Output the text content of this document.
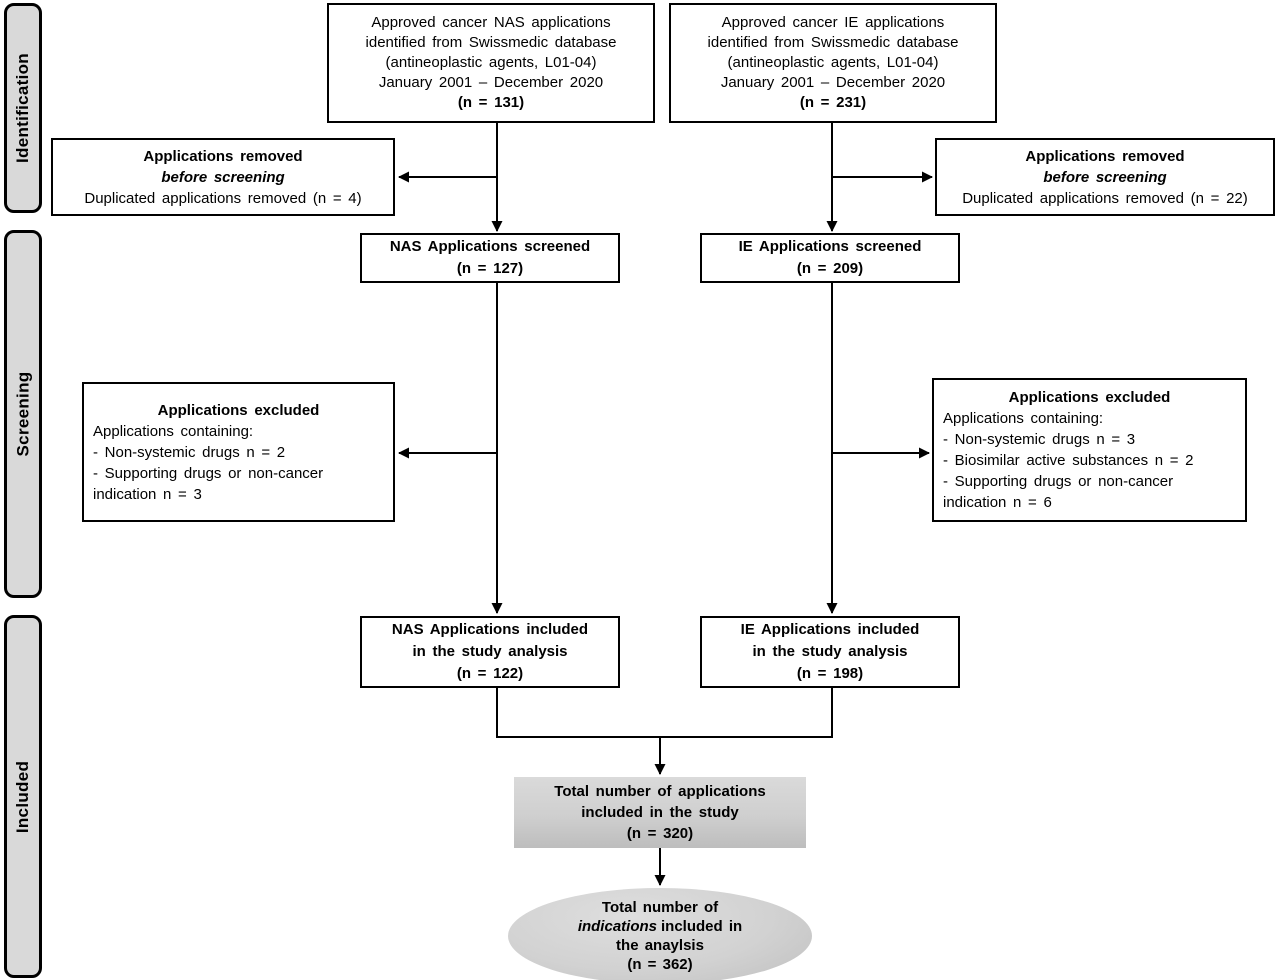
Identification
Screening
Included
Approved cancer NAS applications
identified from Swissmedic database
(antineoplastic agents, L01-04)
January 2001 – December 2020
(n = 131)
Approved cancer IE applications
identified from Swissmedic database
(antineoplastic agents, L01-04)
January 2001 – December 2020
(n = 231)
Applications removed
before screening
Duplicated applications removed (n = 4)
Applications removed
before screening
Duplicated applications removed (n = 22)
NAS Applications screened
(n = 127)
IE Applications screened
(n = 209)
Applications excluded
Applications containing:
- Non-systemic drugs n = 2
- Supporting drugs or non-cancer indication n = 3
Applications excluded
Applications containing:
- Non-systemic drugs n = 3
- Biosimilar active substances n = 2
- Supporting drugs or non-cancer indication n = 6
NAS Applications included
in the study analysis
(n = 122)
IE Applications included
in the study analysis
(n = 198)
Total number of applications
included in the study
(n = 320)
Total number of
indications included in
the anaylsis
(n = 362)
